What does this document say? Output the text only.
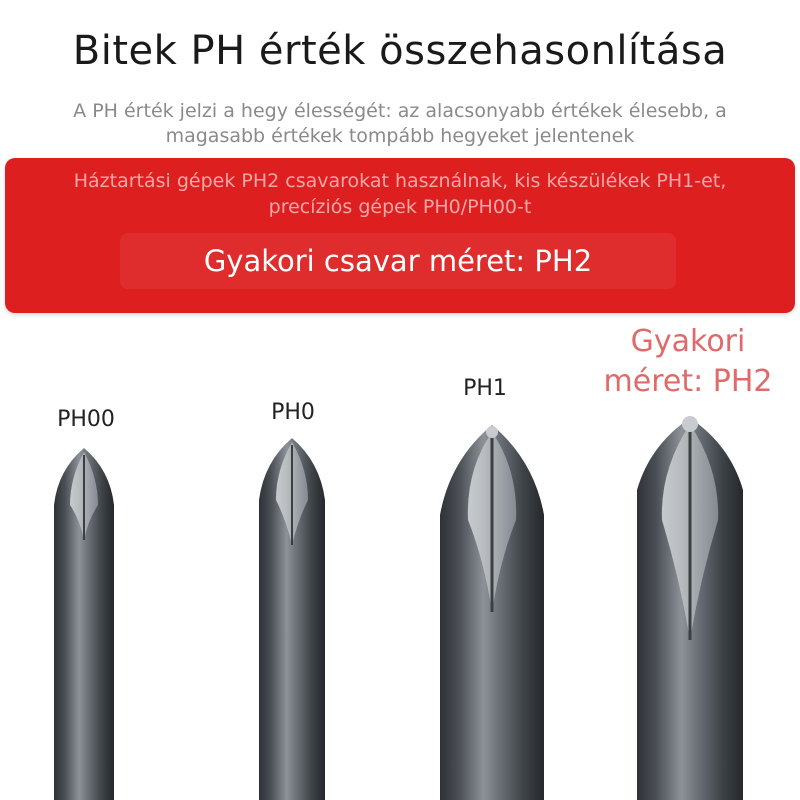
Bitek PH érték összehasonlítása
A PH érték jelzi a hegy élességét: az alacsonyabb értékek élesebb, a magasabb értékek tompább hegyeket jelentenek
Háztartási gépek PH2 csavarokat használnak, kis készülékek PH1-et, precíziós gépek PH0/PH00-t
Gyakori csavar méret: PH2
PH00	PH0
PH1
Gyakori méret: PH2
